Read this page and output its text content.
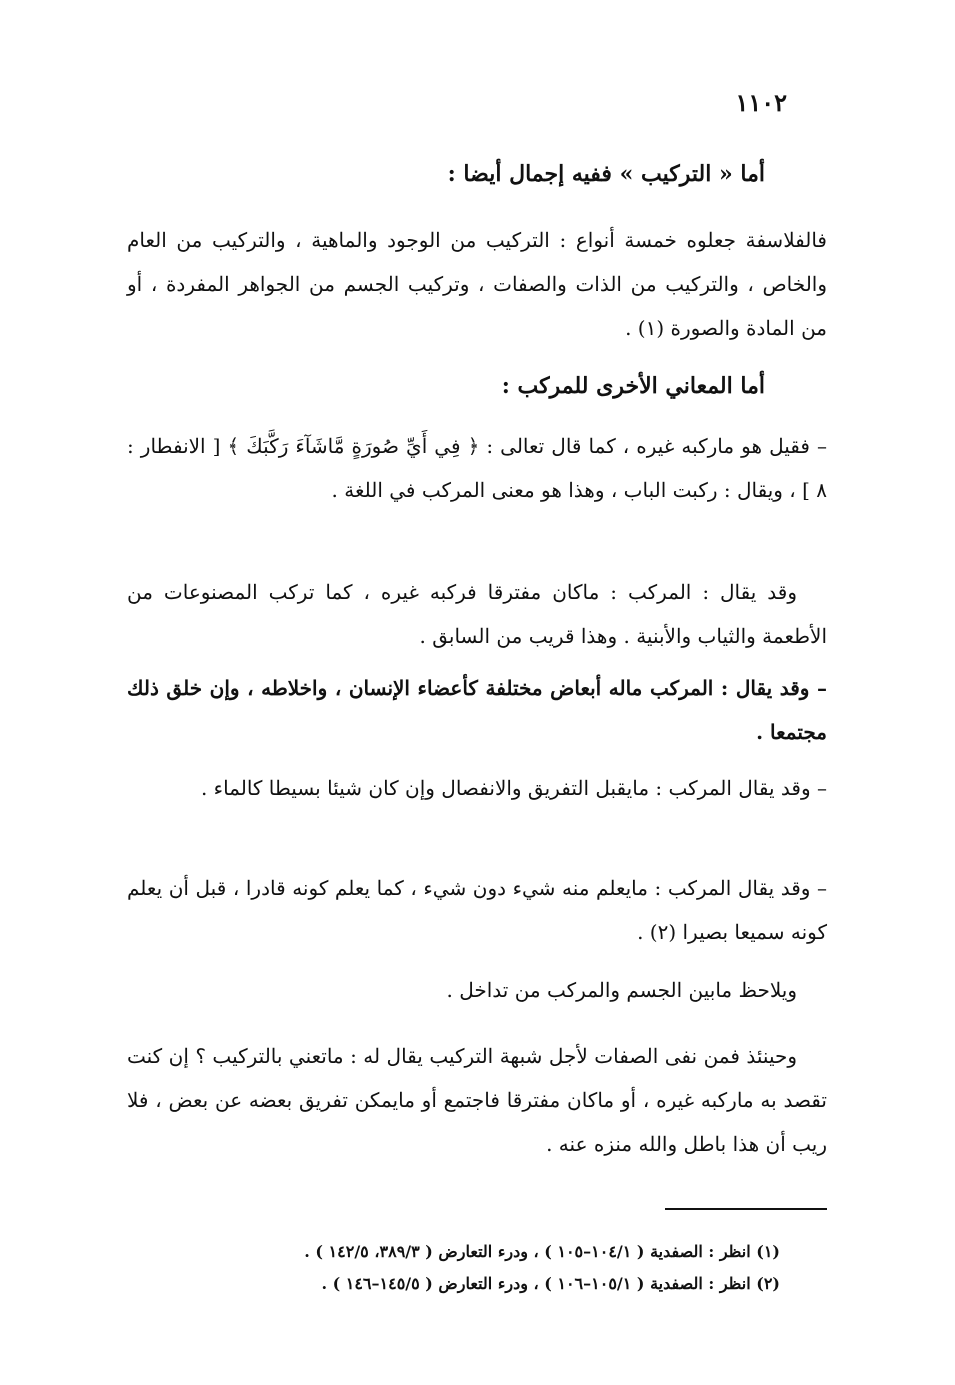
١١٠٢
أما « التركيب » ففيه إجمال أيضا :
فالفلاسفة جعلوه خمسة أنواع : التركيب من الوجود والماهية ، والتركيب من العام والخاص ، والتركيب من الذات والصفات ، وتركيب الجسم من الجواهر المفردة ، أو من المادة والصورة (١) .
أما المعاني الأخرى للمركب :
– فقيل هو ماركبه غيره ، كما قال تعالى : ﴿ فِي أَيِّ صُورَةٍ مَّاشَآءَ رَكَّبَكَ ﴾ [ الانفطار : ٨ ] ، ويقال : ركبت الباب ، وهذا هو معنى المركب في اللغة .
وقد يقال : المركب : ماكان مفترقا فركبه غيره ، كما تركب المصنوعات من الأطعمة والثياب والأبنية . وهذا قريب من السابق .
– وقد يقال : المركب ماله أبعاض مختلفة كأعضاء الإنسان ، واخلاطه ، وإن خلق ذلك مجتمعا .
– وقد يقال المركب : مايقبل التفريق والانفصال وإن كان شيئا بسيطا كالماء .
– وقد يقال المركب : مايعلم منه شيء دون شيء ، كما يعلم كونه قادرا ، قبل أن يعلم كونه سميعا بصيرا (٢) .
ويلاحظ مابين الجسم والمركب من تداخل .
وحينئذ فمن نفى الصفات لأجل شبهة التركيب يقال له : ماتعني بالتركيب ؟ إن كنت تقصد به ماركبه غيره ، أو ماكان مفترقا فاجتمع أو مايمكن تفريق بعضه عن بعض ، فلا ريب أن هذا باطل والله منزه عنه .
(١) انظر : الصفدية ( ١٠٤/١–١٠٥ ) ، ودرء التعارض ( ٣٨٩/٣، ١٤٢/٥ ) .
(٢) انظر : الصفدية ( ١٠٥/١–١٠٦ ) ، ودرء التعارض ( ١٤٥/٥–١٤٦ ) .
